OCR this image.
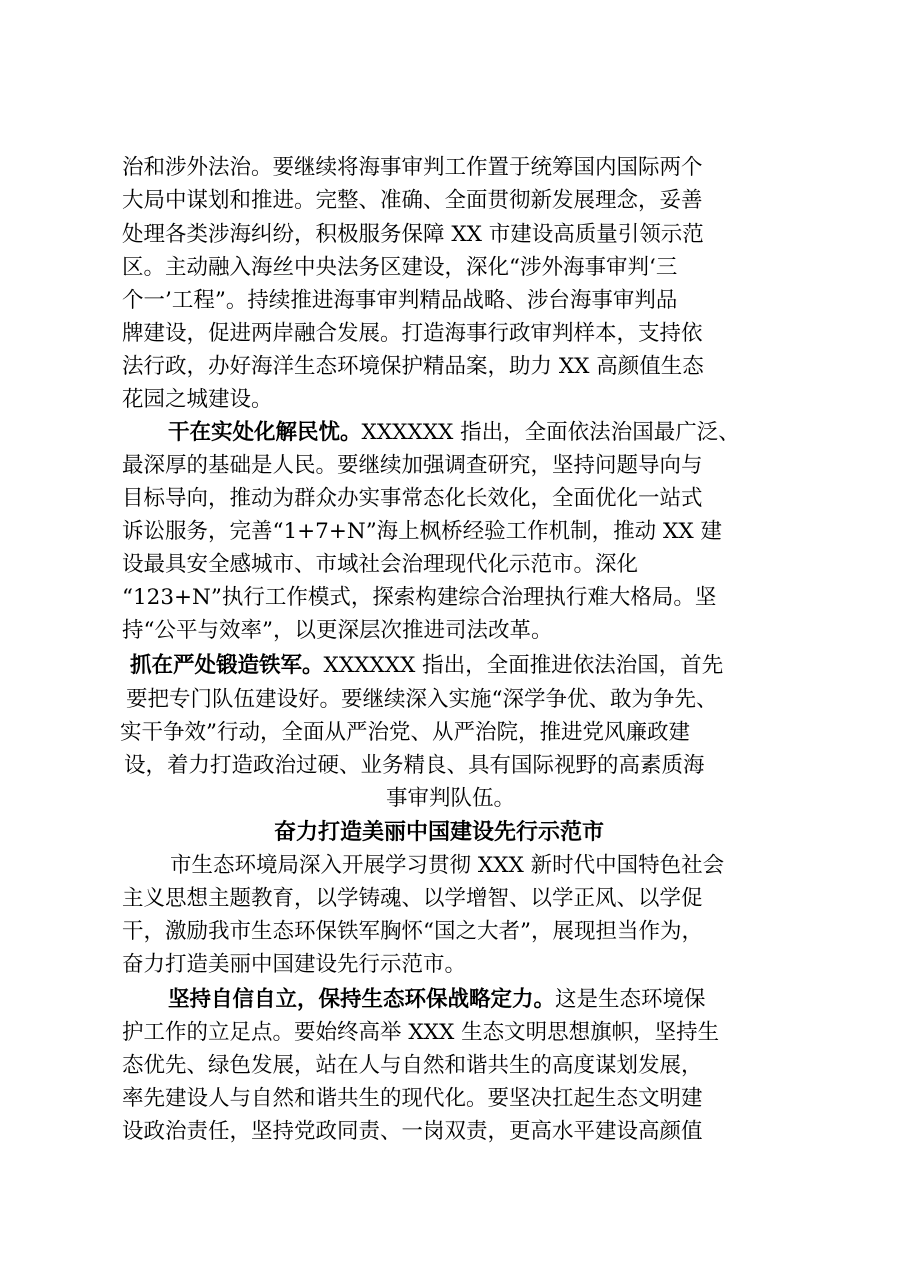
治和涉外法治。要继续将海事审判工作置于统筹国内国际两个
大局中谋划和推进。完整、准确、全面贯彻新发展理念，妥善
处理各类涉海纠纷，积极服务保障 XX 市建设高质量引领示范
区。主动融入海丝中央法务区建设，深化“涉外海事审判‘三
个一’工程”。持续推进海事审判精品战略、涉台海事审判品
牌建设，促进两岸融合发展。打造海事行政审判样本，支持依
法行政，办好海洋生态环境保护精品案，助力 XX 高颜值生态
花园之城建设。
干在实处化解民忧。XXXXXX 指出，全面依法治国最广泛、
最深厚的基础是人民。要继续加强调查研究，坚持问题导向与
目标导向，推动为群众办实事常态化长效化，全面优化一站式
诉讼服务，完善“1+7+N”海上枫桥经验工作机制，推动 XX 建
设最具安全感城市、市域社会治理现代化示范市。深化
“123+N”执行工作模式，探索构建综合治理执行难大格局。坚
持“公平与效率”，以更深层次推进司法改革。
抓在严处锻造铁军。XXXXXX 指出，全面推进依法治国，首先
要把专门队伍建设好。要继续深入实施“深学争优、敢为争先、
实干争效”行动，全面从严治党、从严治院，推进党风廉政建
设，着力打造政治过硬、业务精良、具有国际视野的高素质海
事审判队伍。
奋力打造美丽中国建设先行示范市
市生态环境局深入开展学习贯彻 XXX 新时代中国特色社会
主义思想主题教育，以学铸魂、以学增智、以学正风、以学促
干，激励我市生态环保铁军胸怀“国之大者”，展现担当作为，
奋力打造美丽中国建设先行示范市。
坚持自信自立，保持生态环保战略定力。这是生态环境保
护工作的立足点。要始终高举 XXX 生态文明思想旗帜，坚持生
态优先、绿色发展，站在人与自然和谐共生的高度谋划发展，
率先建设人与自然和谐共生的现代化。要坚决扛起生态文明建
设政治责任，坚持党政同责、一岗双责，更高水平建设高颜值
